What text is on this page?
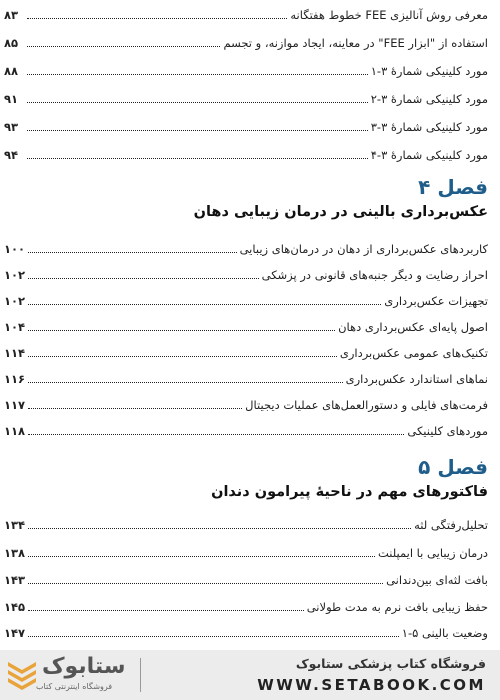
معرفی روش آنالیزی FEE خطوط هفتگانه
۸۳
استفاده از "ابزار FEE" در معاینه، ایجاد موازنه، و تجسم
۸۵
مورد کلینیکی شمارهٔ ۳-۱
۸۸
مورد کلینیکی شمارهٔ ۳-۲
۹۱
مورد کلینیکی شمارهٔ ۳-۳
۹۳
مورد کلینیکی شمارهٔ ۳-۴
۹۴
فصل ۴
عکس‌برداری بالینی در درمان زیبایی دهان
کاربردهای عکس‌برداری از دهان در درمان‌های زیبایی
۱۰۰
احراز رضایت و دیگر جنبه‌های قانونی در پزشکی
۱۰۲
تجهیزات عکس‌برداری
۱۰۲
اصول پایه‌ای عکس‌برداری دهان
۱۰۴
تکنیک‌های عمومی عکس‌برداری
۱۱۴
نماهای استاندارد عکس‌برداری
۱۱۶
فرمت‌های فایلی و دستورالعمل‌های عملیات دیجیتال
۱۱۷
موردهای کلینیکی
۱۱۸
فصل ۵
فاکتورهای مهم در ناحیهٔ پیرامون دندان
تحلیل‌رفتگی لثه
۱۳۴
درمان زیبایی با ایمپلنت
۱۳۸
بافت لثه‌ای بین‌دندانی
۱۴۳
حفظ زیبایی بافت نرم به مدت طولانی
۱۴۵
وضعیت بالینی ۵-۱
۱۴۷
ستابوک
فروشگاه اینترنتی کتاب
فروشگاه کتاب پزشکی ستابوک
WWW.SETABOOK.COM
